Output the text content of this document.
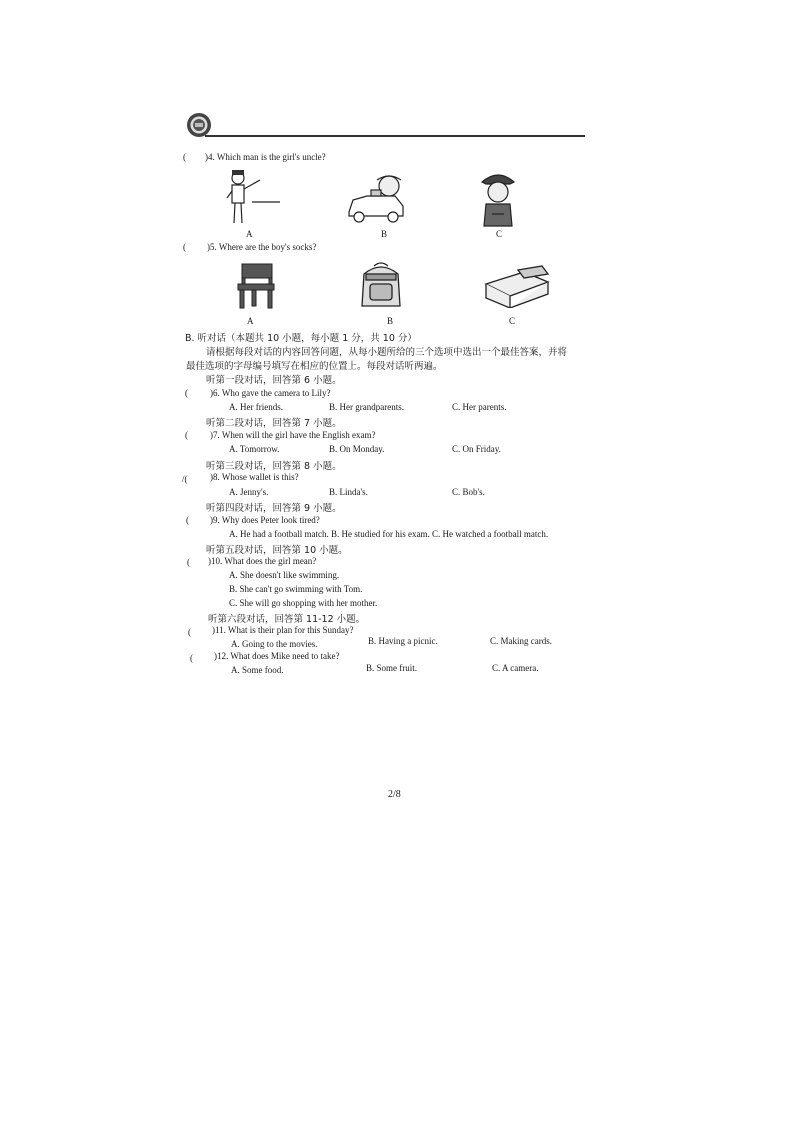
( )4. Which man is the girl's uncle?
A	B	C
( )5. Where are the boy's socks?
A	B	C
B. 听对话（本题共 10 小题，每小题 1 分，共 10 分）
请根据每段对话的内容回答问题，从每小题所给的三个选项中选出一个最佳答案，并将
最佳选项的字母编号填写在相应的位置上。每段对话听两遍。
听第一段对话，回答第 6 小题。
( )6. Who gave the camera to Lily?
A. Her friends.	B. Her grandparents.	C. Her parents.
听第二段对话，回答第 7 小题。
( )7. When will the girl have the English exam?
A. Tomorrow.	B. On Monday.	C. On Friday.
听第三段对话，回答第 8 小题。
/(	)8. Whose wallet is this?
A. Jenny's.	B. Linda's.	C. Bob's.
听第四段对话，回答第 9 小题。
( )9. Why does Peter look tired?
A. He had a football match. B. He studied for his exam. C. He watched a football match.
听第五段对话，回答第 10 小题。
( )10. What does the girl mean?
A. She doesn't like swimming.
B. She can't go swimming with Tom.
C. She will go shopping with her mother.
听第六段对话，回答第 11-12 小题。
( )11. What is their plan for this Sunday?
A. Going to the movies.	B. Having a picnic.	C. Making cards.
( )12. What does Mike need to take?
A. Some food.	B. Some fruit.	C. A camera.
2/8
